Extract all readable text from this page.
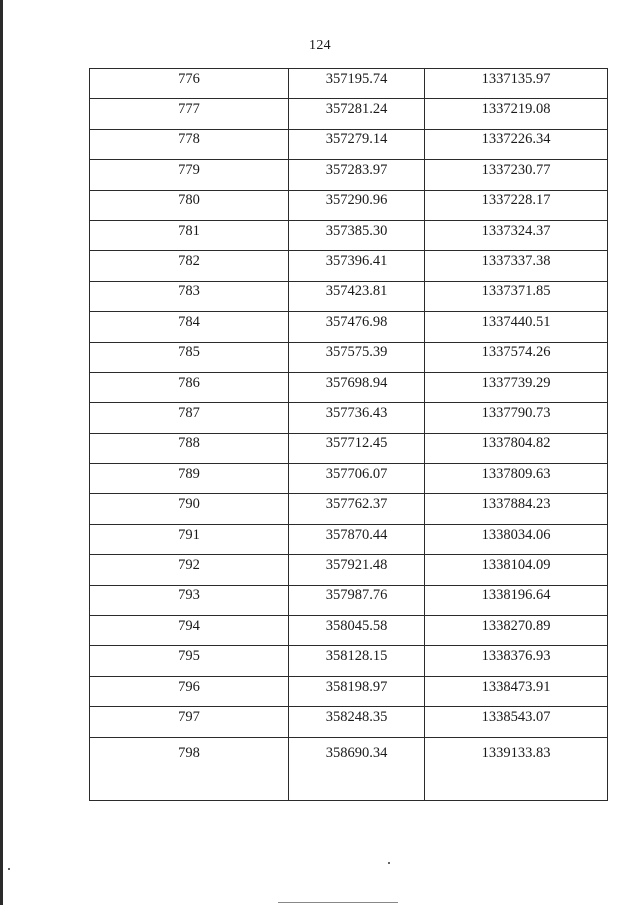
124
776	357195.74	1337135.97
777	357281.24	1337219.08
778	357279.14	1337226.34
779	357283.97	1337230.77
780	357290.96	1337228.17
781	357385.30	1337324.37
782	357396.41	1337337.38
783	357423.81	1337371.85
784	357476.98	1337440.51
785	357575.39	1337574.26
786	357698.94	1337739.29
787	357736.43	1337790.73
788	357712.45	1337804.82
789	357706.07	1337809.63
790	357762.37	1337884.23
791	357870.44	1338034.06
792	357921.48	1338104.09
793	357987.76	1338196.64
794	358045.58	1338270.89
795	358128.15	1338376.93
796	358198.97	1338473.91
797	358248.35	1338543.07
798	358690.34	1339133.83
